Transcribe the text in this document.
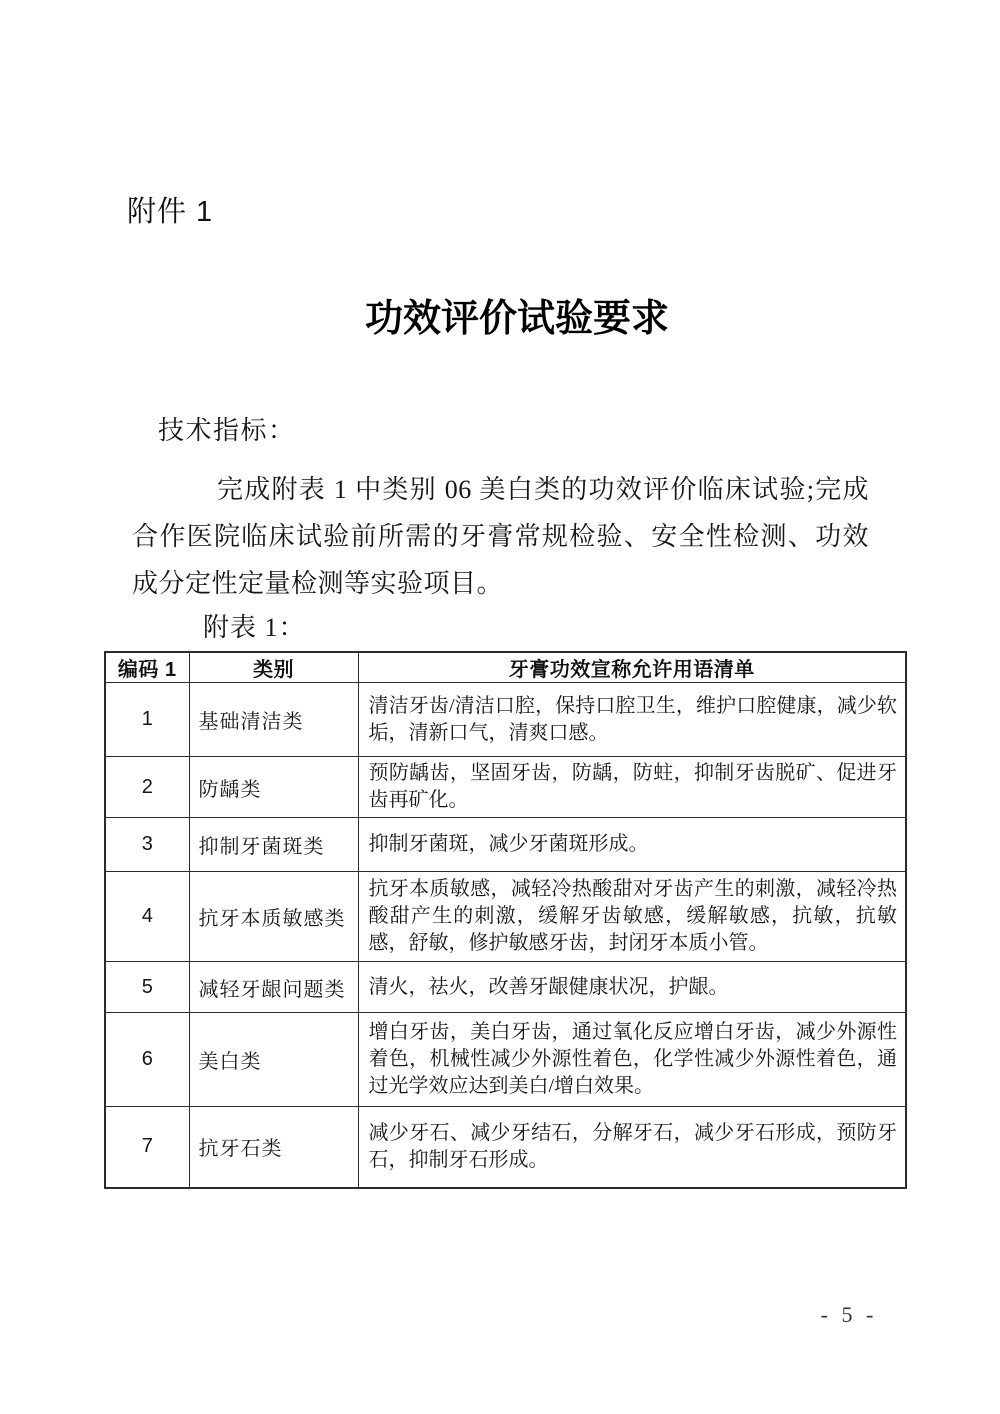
附件 1
功效评价试验要求
技术指标：
完成附表 1 中类别 06 美白类的功效评价临床试验;完成
合作医院临床试验前所需的牙膏常规检验、安全性检测、功效
成分定性定量检测等实验项目。
附表 1：
编码 1	类别	牙膏功效宣称允许用语清单
1	基础清洁类	清洁牙齿/清洁口腔，保持口腔卫生，维护口腔健康，减少软垢，清新口气，清爽口感。
2	防龋类	预防龋齿，坚固牙齿，防龋，防蛀，抑制牙齿脱矿、促进牙齿再矿化。
3	抑制牙菌斑类	抑制牙菌斑，减少牙菌斑形成。
4	抗牙本质敏感类	抗牙本质敏感，减轻冷热酸甜对牙齿产生的刺激，减轻冷热酸甜产生的刺激，缓解牙齿敏感，缓解敏感，抗敏，抗敏感，舒敏，修护敏感牙齿，封闭牙本质小管。
5	减轻牙龈问题类	清火，祛火，改善牙龈健康状况，护龈。
6	美白类	增白牙齿，美白牙齿，通过氧化反应增白牙齿，减少外源性着色，机械性减少外源性着色，化学性减少外源性着色，通过光学效应达到美白/增白效果。
7	抗牙石类	减少牙石、减少牙结石，分解牙石，减少牙石形成，预防牙石，抑制牙石形成。
- 5 -
